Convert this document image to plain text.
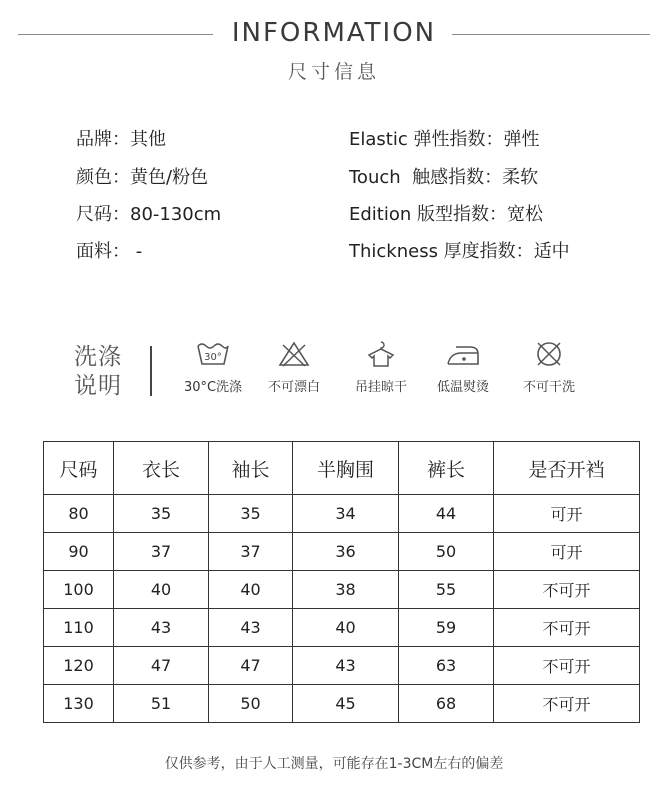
INFORMATION
尺寸信息
品牌：其他
颜色：黄色/粉色
尺码：80-130cm
面料： -
Elastic 弹性指数：弹性
Touch  触感指数：柔软
Edition 版型指数：宽松
Thickness 厚度指数：适中
洗涤
说明
30°
30°C洗涤	不可漂白	吊挂晾干	低温熨烫	不可干洗
尺码	衣长	袖长	半胸围	裤长	是否开裆
80	35	35	34	44	可开
90	37	37	36	50	可开
100	40	40	38	55	不可开
110	43	43	40	59	不可开
120	47	47	43	63	不可开
130	51	50	45	68	不可开
仅供参考，由于人工测量，可能存在1-3CM左右的偏差
